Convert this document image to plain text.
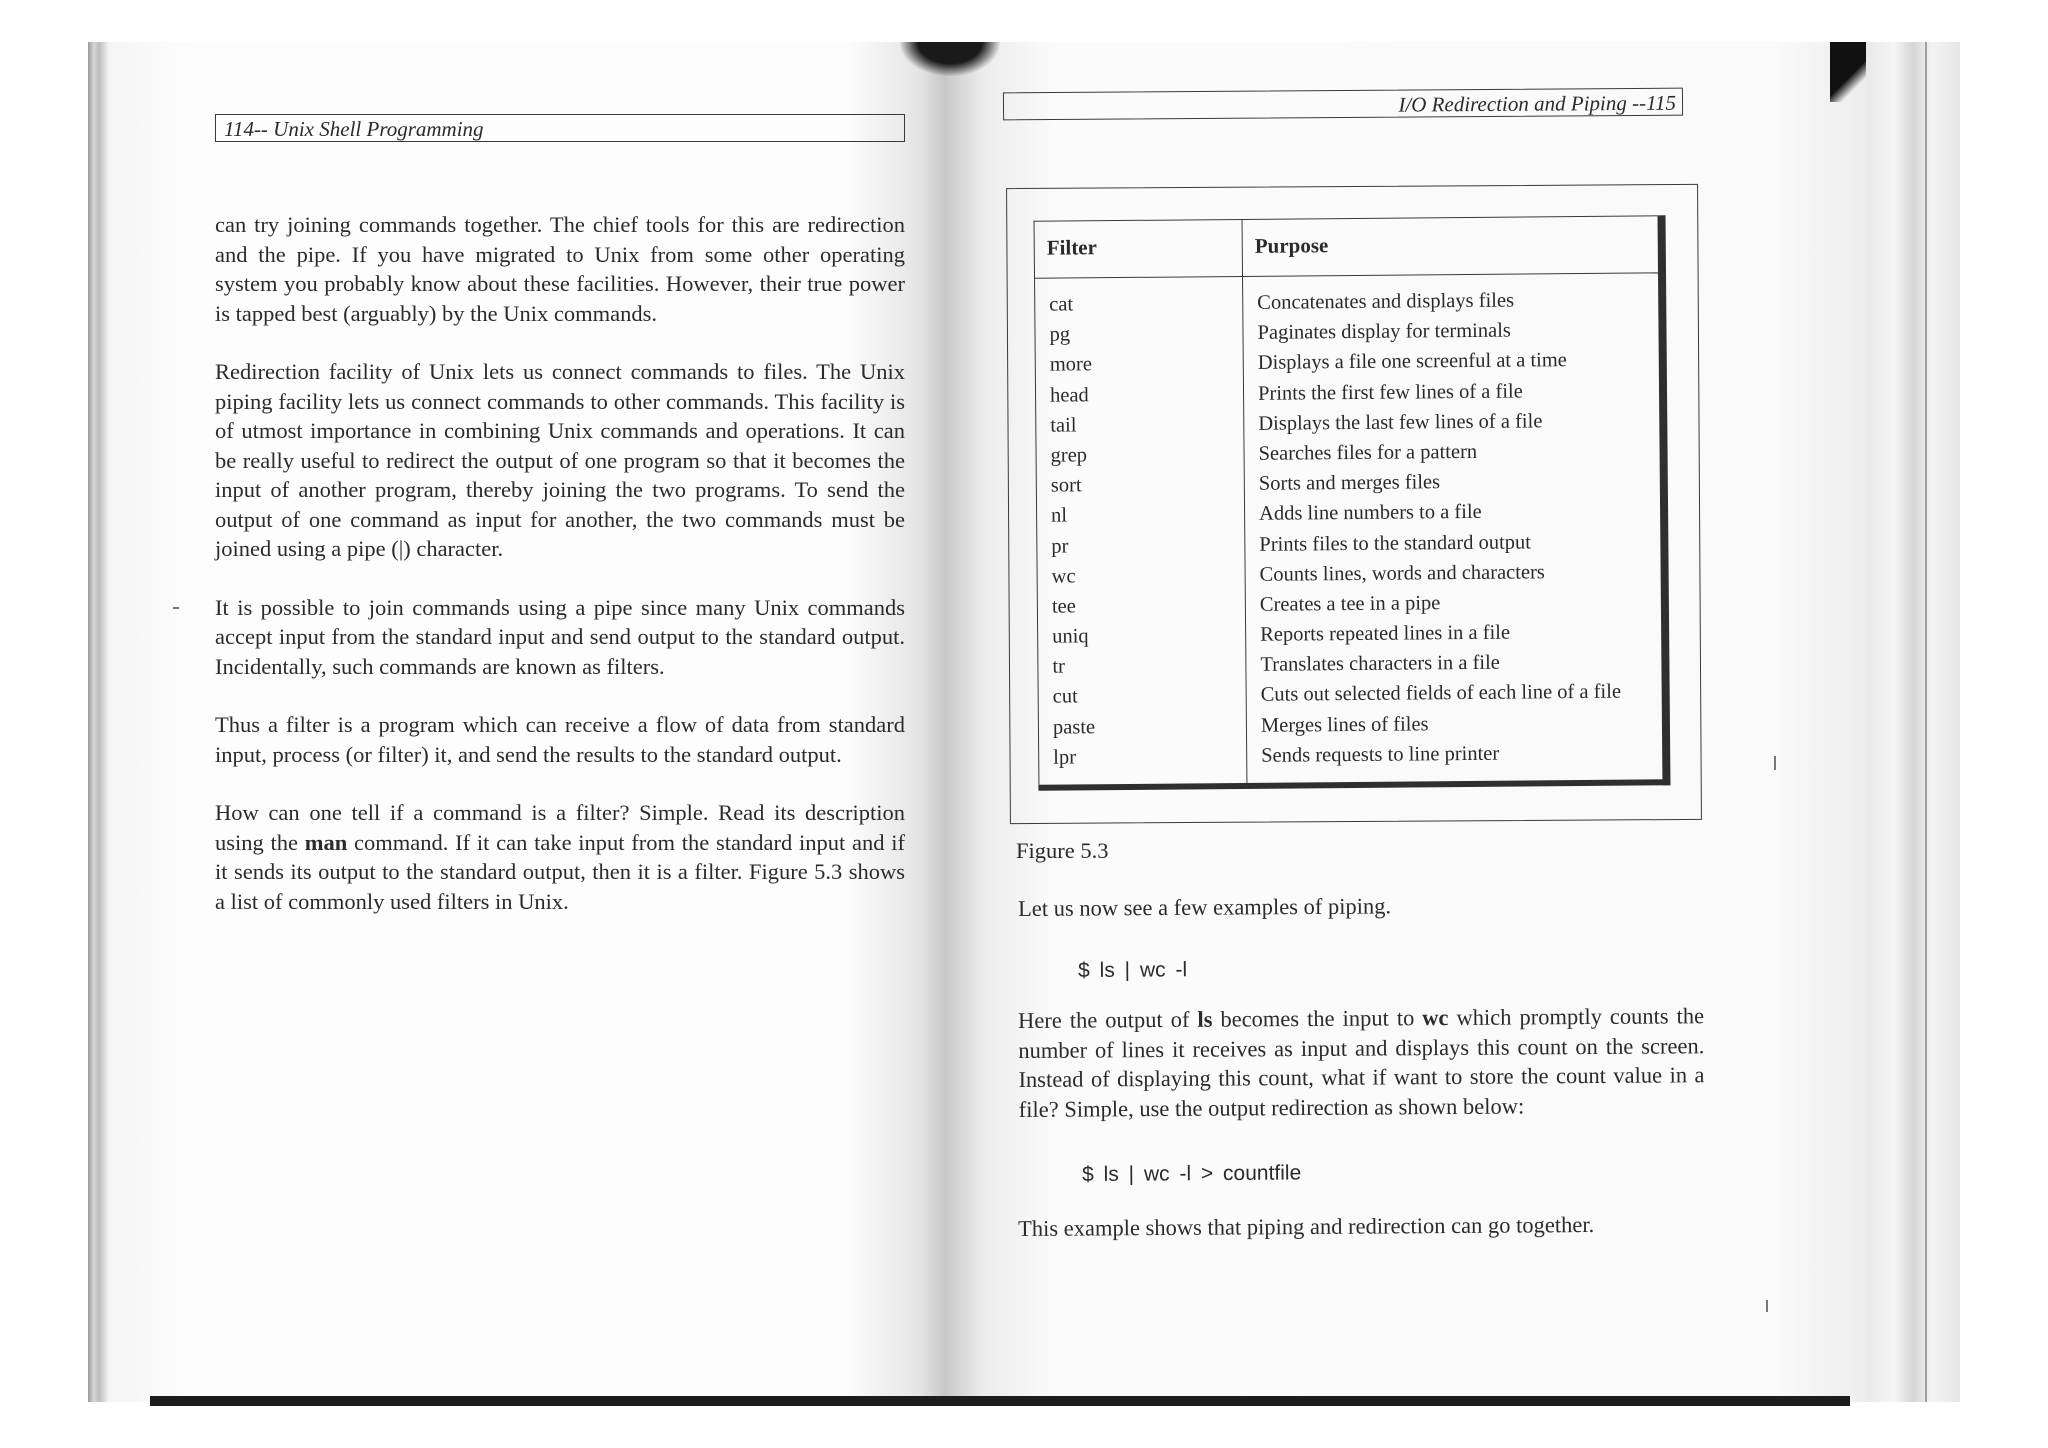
114-- Unix Shell Programming

can try joining commands together. The chief tools for this are redirection and the pipe. If you have migrated to Unix from some other operating system you probably know about these facilities. However, their true power is tapped best (arguably) by the Unix commands.

Redirection facility of Unix lets us connect commands to files. The Unix piping facility lets us connect commands to other commands. This facility is of utmost importance in combining Unix commands and operations. It can be really useful to redirect the output of one program so that it becomes the input of another program, thereby joining the two programs. To send the output of one command as input for another, the two commands must be joined using a pipe (|) character.

It is possible to join commands using a pipe since many Unix commands accept input from the standard input and send output to the standard output. Incidentally, such commands are known as filters.

Thus a filter is a program which can receive a flow of data from standard input, process (or filter) it, and send the results to the standard output.

How can one tell if a command is a filter? Simple. Read its description using the man command. If it can take input from the standard input and if it sends its output to the standard output, then it is a filter. Figure 5.3 shows a list of commonly used filters in Unix.

I/O Redirection and Piping --115
Filter	Purpose
cat	Concatenates and displays files
pg	Paginates display for terminals
more	Displays a file one screenful at a time
head	Prints the first few lines of a file
tail	Displays the last few lines of a file
grep	Searches files for a pattern
sort	Sorts and merges files
nl	Adds line numbers to a file
pr	Prints files to the standard output
wc	Counts lines, words and characters
tee	Creates a tee in a pipe
uniq	Reports repeated lines in a file
tr	Translates characters in a file
cut	Cuts out selected fields of each line of a file
paste	Merges lines of files
lpr	Sends requests to line printer
Figure 5.3
Let us now see a few examples of piping.
$ ls | wc -l
Here the output of ls becomes the input to wc which promptly counts the number of lines it receives as input and displays this count on the screen. Instead of displaying this count, what if want to store the count value in a file? Simple, use the output redirection as shown below:
$ ls | wc -l > countfile
This example shows that piping and redirection can go together.
